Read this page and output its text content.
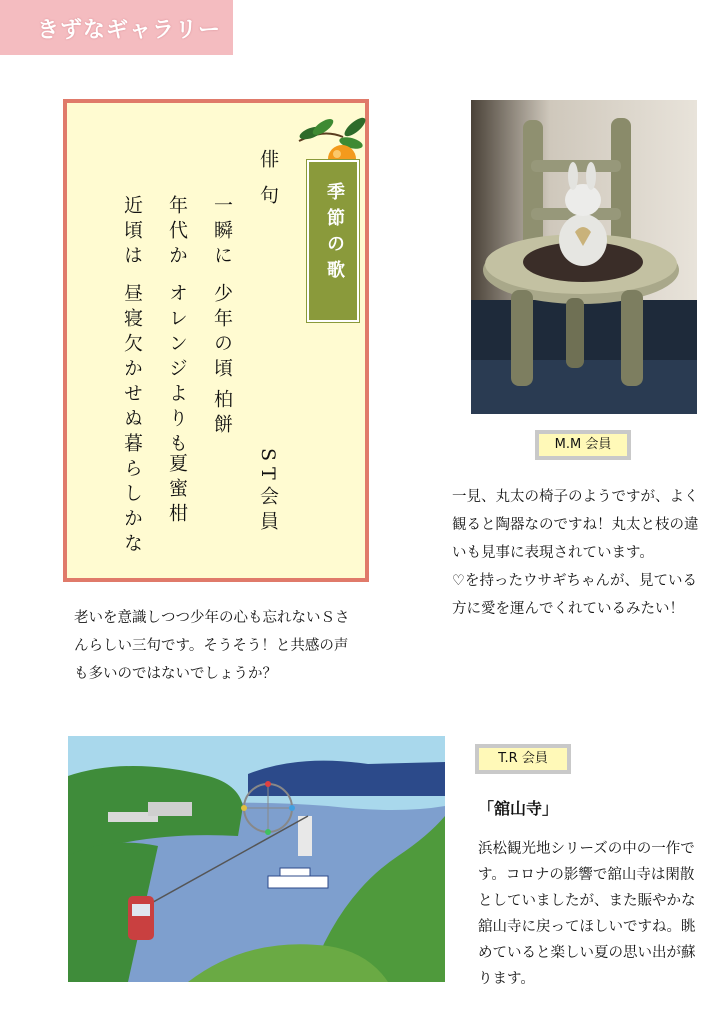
きずなギャラリー
俳
句	季節の歌
一瞬に
少年の頃
柏餅
年代か
オレンジよりも
夏蜜柑
近頃は
昼寝欠かせぬ
暮らしかな	ST会員
老いを意識しつつ少年の心も忘れないＳさ
んらしい三句です。そうそう！と共感の声
も多いのではないでしょうか？
M.M 会員
一見、丸太の椅子のようですが、よく
観ると陶器なのですね！丸太と枝の違
いも見事に表現されています。
♡を持ったウサギちゃんが、見ている
方に愛を運んでくれているみたい！
T.R 会員
「舘山寺」
浜松観光地シリーズの中の一作で
す。コロナの影響で舘山寺は閑散
としていましたが、また賑やかな
舘山寺に戻ってほしいですね。眺
めていると楽しい夏の思い出が蘇
ります。
